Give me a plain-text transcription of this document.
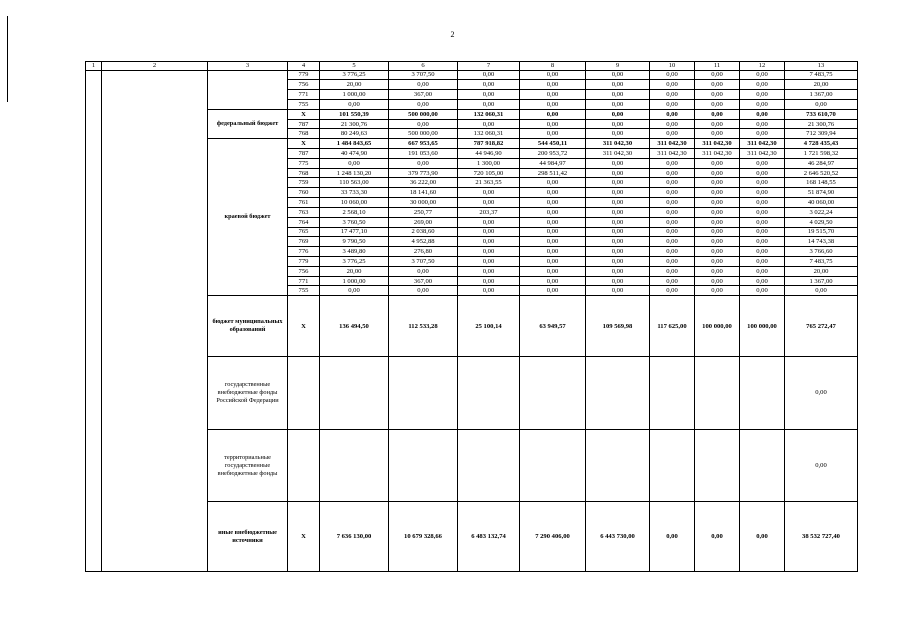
2
1	2	3	4	5	6	7	8	9	10	11	12	13
			779	3 776,25	3 707,50	0,00	0,00	0,00	0,00	0,00	0,00	7 483,75
			756	20,00	0,00	0,00	0,00	0,00	0,00	0,00	0,00	20,00
			771	1 000,00	367,00	0,00	0,00	0,00	0,00	0,00	0,00	1 367,00
			755	0,00	0,00	0,00	0,00	0,00	0,00	0,00	0,00	0,00
		федеральный бюджет	X	101 550,39	500 000,00	132 060,31	0,00	0,00	0,00	0,00	0,00	733 610,70
			787	21 300,76	0,00	0,00	0,00	0,00	0,00	0,00	0,00	21 300,76
			768	80 249,63	500 000,00	132 060,31	0,00	0,00	0,00	0,00	0,00	712 309,94
		краевой бюджет	X	1 484 843,65	667 953,65	787 918,82	544 450,11	311 042,30	311 042,30	311 042,30	311 042,30	4 728 435,43
			787	40 474,90	191 053,60	44 946,90	200 953,72	311 042,30	311 042,30	311 042,30	311 042,30	1 721 598,32
			775	0,00	0,00	1 300,00	44 984,97	0,00	0,00	0,00	0,00	46 284,97
			768	1 248 130,20	379 773,90	720 105,00	298 511,42	0,00	0,00	0,00	0,00	2 646 520,52
			759	110 563,00	36 222,00	21 363,55	0,00	0,00	0,00	0,00	0,00	168 148,55
			760	33 733,30	18 141,60	0,00	0,00	0,00	0,00	0,00	0,00	51 874,90
			761	10 060,00	30 000,00	0,00	0,00	0,00	0,00	0,00	0,00	40 060,00
			763	2 568,10	250,77	203,37	0,00	0,00	0,00	0,00	0,00	3 022,24
			764	3 760,50	269,00	0,00	0,00	0,00	0,00	0,00	0,00	4 029,50
			765	17 477,10	2 038,60	0,00	0,00	0,00	0,00	0,00	0,00	19 515,70
			769	9 790,50	4 952,88	0,00	0,00	0,00	0,00	0,00	0,00	14 743,38
			776	3 489,80	276,80	0,00	0,00	0,00	0,00	0,00	0,00	3 766,60
			779	3 776,25	3 707,50	0,00	0,00	0,00	0,00	0,00	0,00	7 483,75
			756	20,00	0,00	0,00	0,00	0,00	0,00	0,00	0,00	20,00
			771	1 000,00	367,00	0,00	0,00	0,00	0,00	0,00	0,00	1 367,00
			755	0,00	0,00	0,00	0,00	0,00	0,00	0,00	0,00	0,00
		бюджет муниципальных образований	X	136 494,50	112 533,28	25 100,14	63 949,57	109 569,98	117 625,00	100 000,00	100 000,00	765 272,47
		государственные внебюджетные фонды Российской Федерации										0,00
		территориальные государственные внебюджетные фонды										0,00
		иные внебюджетные источники	X	7 636 130,00	10 679 328,66	6 483 132,74	7 290 406,00	6 443 730,00	0,00	0,00	0,00	38 532 727,40
